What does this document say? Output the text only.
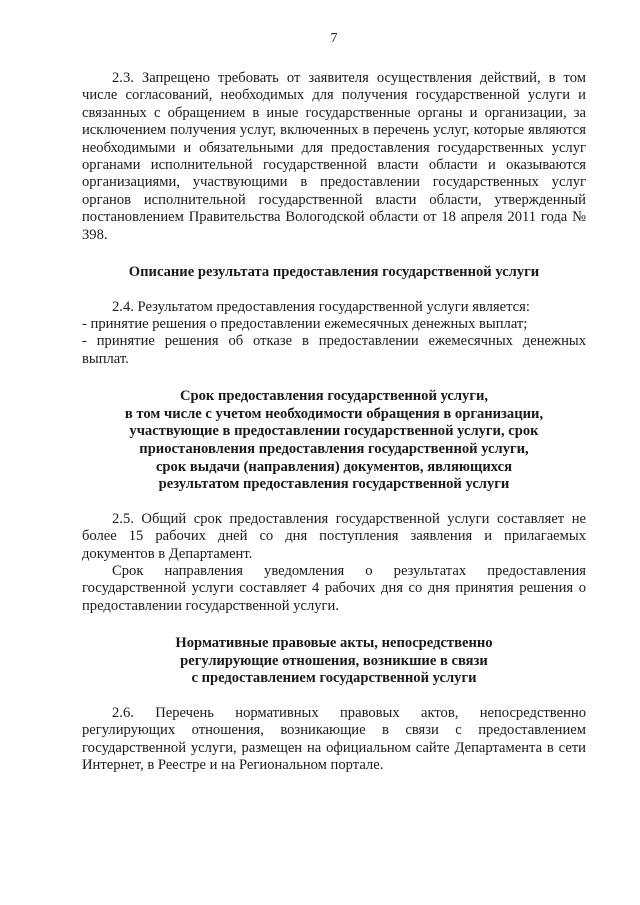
7

2.3. Запрещено требовать от заявителя осуществления действий, в том числе согласований, необходимых для получения государственной услуги и связанных с обращением в иные государственные органы и организации, за исключением получения услуг, включенных в перечень услуг, которые являются необходимыми и обязательными для предоставления государственных услуг органами исполнительной государственной власти области и оказываются организациями, участвующими в предоставлении государственных услуг органов исполнительной государственной власти области, утвержденный постановлением Правительства Вологодской области от 18 апреля 2011 года № 398.

Описание результата предоставления государственной услуги

2.4. Результатом предоставления государственной услуги является:

- принятие решения о предоставлении ежемесячных денежных выплат;

- принятие решения об отказе в предоставлении ежемесячных денежных выплат.

Срок предоставления государственной услуги,
в том числе с учетом необходимости обращения в организации,
участвующие в предоставлении государственной услуги, срок
приостановления предоставления государственной услуги,
срок выдачи (направления) документов, являющихся
результатом предоставления государственной услуги

2.5. Общий срок предоставления государственной услуги составляет не более 15 рабочих дней со дня поступления заявления и прилагаемых документов в Департамент.

Срок направления уведомления о результатах предоставления государственной услуги составляет 4 рабочих дня со дня принятия решения о предоставлении государственной услуги.

Нормативные правовые акты, непосредственно
регулирующие отношения, возникшие в связи
с предоставлением государственной услуги

2.6. Перечень нормативных правовых актов, непосредственно регулирующих отношения, возникающие в связи с предоставлением государственной услуги, размещен на официальном сайте Департамента в сети Интернет, в Реестре и на Региональном портале.
